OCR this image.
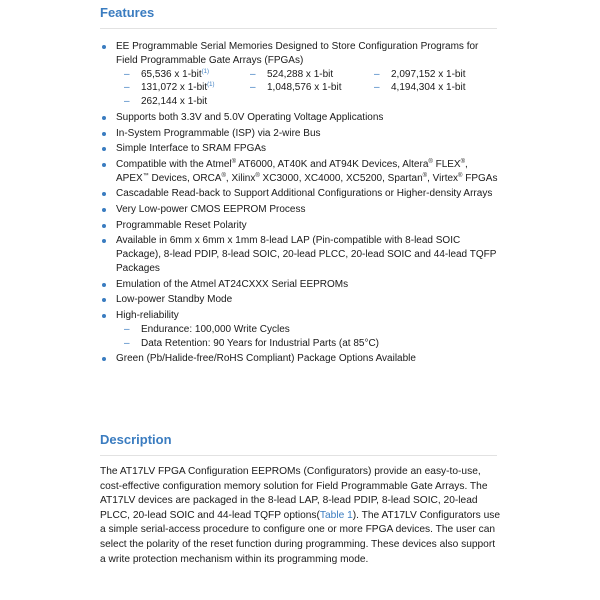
Features
EE Programmable Serial Memories Designed to Store Configuration Programs for Field Programmable Gate Arrays (FPGAs)
– 65,536 x 1-bit$^{(1)}$	– 524,288 x 1-bit	– 2,097,152 x 1-bit
– 131,072 x 1-bit$^{(1)}$	– 1,048,576 x 1-bit	– 4,194,304 x 1-bit
– 262,144 x 1-bit
Supports both 3.3V and 5.0V Operating Voltage Applications
In-System Programmable (ISP) via 2-wire Bus
Simple Interface to SRAM FPGAs
Compatible with the Atmel® AT6000, AT40K and AT94K Devices, Altera® FLEX®, APEX™ Devices, ORCA®, Xilinx® XC3000, XC4000, XC5200, Spartan®, Virtex® FPGAs
Cascadable Read-back to Support Additional Configurations or Higher-density Arrays
Very Low-power CMOS EEPROM Process
Programmable Reset Polarity
Available in 6mm x 6mm x 1mm 8-lead LAP (Pin-compatible with 8-lead SOIC Package), 8-lead PDIP, 8-lead SOIC, 20-lead PLCC, 20-lead SOIC and 44-lead TQFP Packages
Emulation of the Atmel AT24CXXX Serial EEPROMs
Low-power Standby Mode
High-reliability
– Endurance: 100,000 Write Cycles
– Data Retention: 90 Years for Industrial Parts (at 85°C)
Green (Pb/Halide-free/RoHS Compliant) Package Options Available
Description

The AT17LV FPGA Configuration EEPROMs (Configurators) provide an easy-to-use, cost-effective configuration memory solution for Field Programmable Gate Arrays. The AT17LV devices are packaged in the 8-lead LAP, 8-lead PDIP, 8-lead SOIC, 20-lead PLCC, 20-lead SOIC and 44-lead TQFP options(Table 1). The AT17LV Configurators use a simple serial-access procedure to configure one or more FPGA devices. The user can select the polarity of the reset function during programming. These devices also support a write protection mechanism within its programming mode.
